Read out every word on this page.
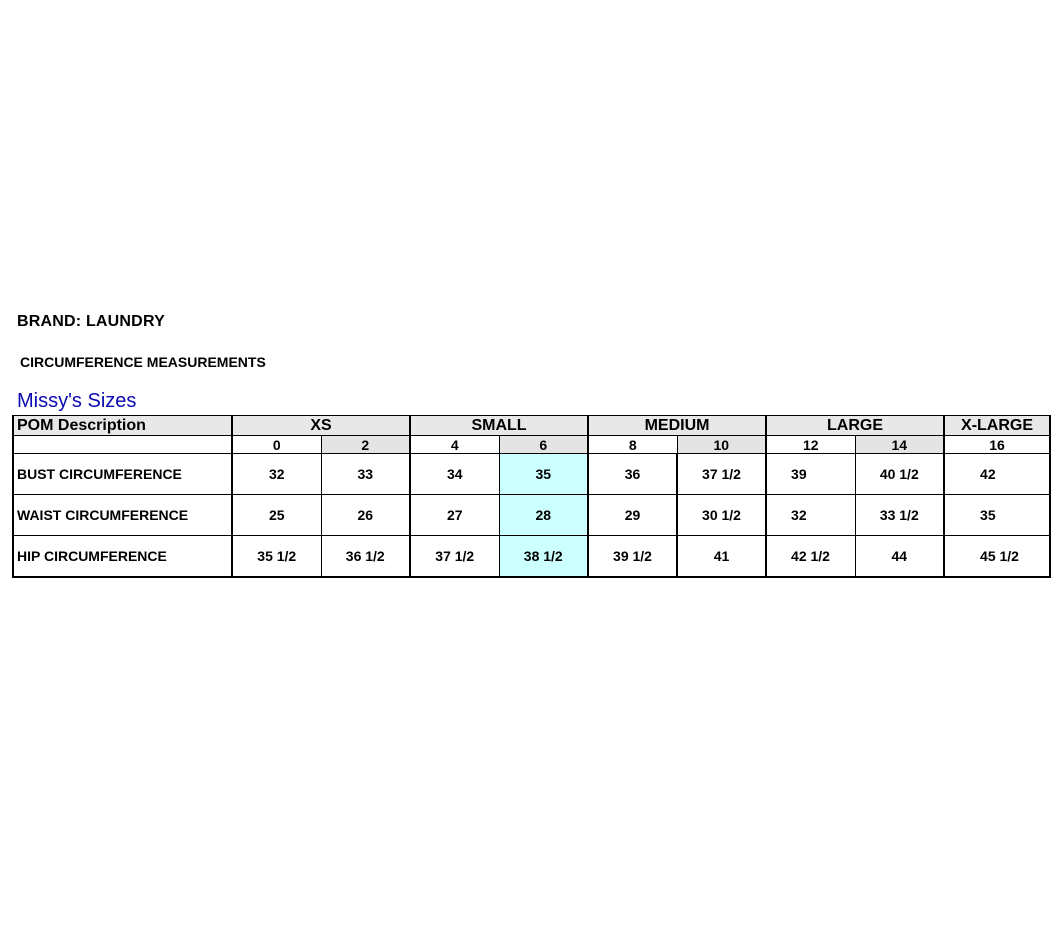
BRAND: LAUNDRY
CIRCUMFERENCE MEASUREMENTS
Missy's Sizes
POM Description	XS		SMALL		MEDIUM		LARGE		X-LARGE
	0	2	4	6	8	10	12	14	16
BUST CIRCUMFERENCE	32	33	34	35	36	37 1/2	39	40 1/2	42
WAIST CIRCUMFERENCE	25	26	27	28	29	30 1/2	32	33 1/2	35
HIP CIRCUMFERENCE	35 1/2	36 1/2	37 1/2	38 1/2	39 1/2	41	42 1/2	44	45 1/2
